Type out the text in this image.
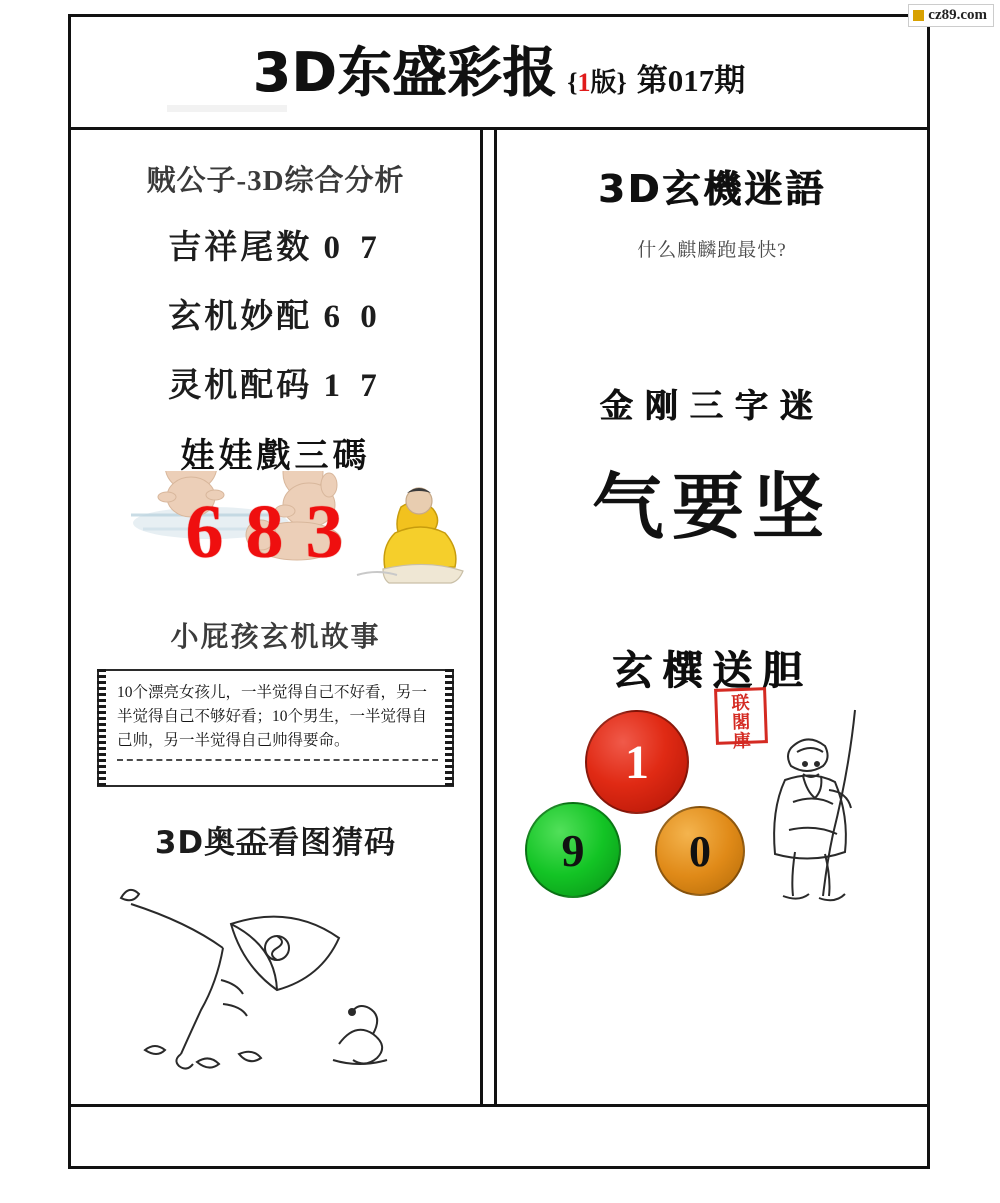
cz89.com
3D东盛彩报 {1版} 第017期
贼公子-3D综合分析
吉祥尾数 0 7
玄机妙配 6 0
灵机配码 1 7
娃娃戲三碼
683
小屁孩玄机故事
10个漂亮女孩儿，一半觉得自己不好看，另一半觉得自己不够好看；10个男生，一半觉得自己帅，另一半觉得自己帅得要命。
3D奥盃看图猜码
3D玄機迷語
什么麒麟跑最快?
金刚三字迷
气要坚
玄㯢送胆
1
9	0
联
閣
庫
